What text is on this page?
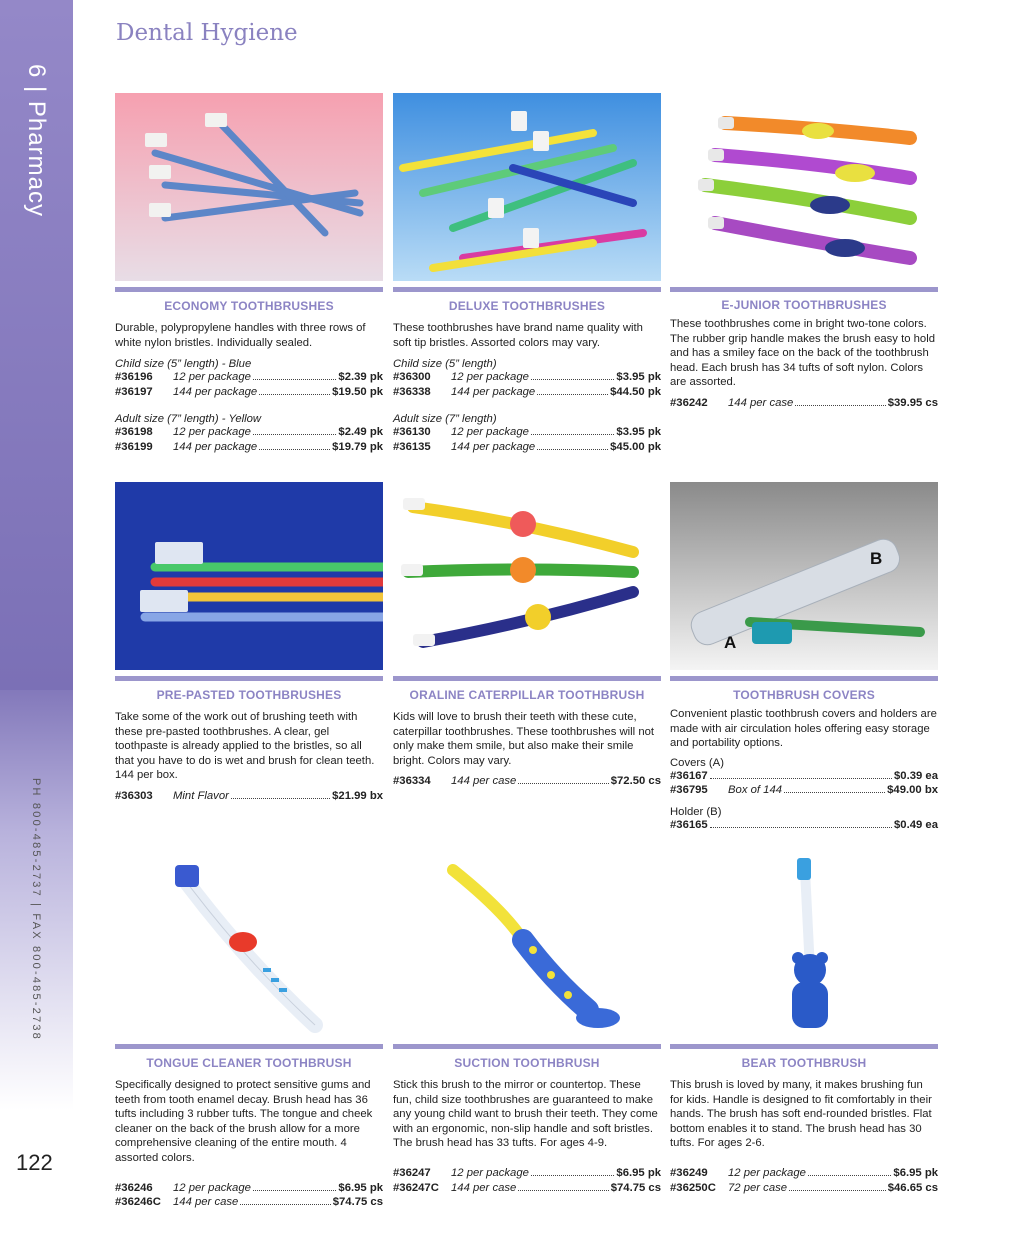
6 | Pharmacy
PH 800-485-2737 | FAX 800-485-2738
122
Dental Hygiene
ECONOMY TOOTHBRUSHES
Durable, polypropylene handles with three rows of white nylon bristles. Individually sealed.
Child size (5” length) - Blue
#36196	12 per package	$2.39 pk
#36197	144 per package	$19.50 pk
Adult size (7” length) - Yellow
#36198	12 per package	$2.49 pk
#36199	144 per package	$19.79 pk
DELUXE TOOTHBRUSHES
These toothbrushes have brand name quality with soft tip bristles. Assorted colors may vary.
Child size (5” length)
#36300	12 per package	$3.95 pk
#36338	144 per package	$44.50 pk
Adult size (7” length)
#36130	12 per package	$3.95 pk
#36135	144 per package	$45.00 pk
E-JUNIOR TOOTHBRUSHES
These toothbrushes come in bright two-tone colors. The rubber grip handle makes the brush easy to hold and has a smiley face on the back of the toothbrush head. Each brush has 34 tufts of soft nylon. Colors are assorted.
#36242	144 per case	$39.95 cs
PRE-PASTED TOOTHBRUSHES
Take some of the work out of brushing teeth with these pre-pasted toothbrushes. A clear, gel toothpaste is already applied to the bristles, so all that you have to do is wet and brush for clean teeth. 144 per box.
#36303	Mint Flavor	$21.99 bx
ORALINE CATERPILLAR TOOTHBRUSH
Kids will love to brush their teeth with these cute, caterpillar toothbrushes. These toothbrushes will not only make them smile, but also make their smile bright. Colors may vary.
#36334	144 per case	$72.50 cs
B
A
TOOTHBRUSH COVERS
Convenient plastic toothbrush covers and holders are made with air circulation holes offering easy storage and portability options.
Covers (A)
#36167	$0.39 ea
#36795	Box of 144	$49.00 bx
Holder (B)
#36165	$0.49 ea
TONGUE CLEANER TOOTHBRUSH
Specifically designed to protect sensitive gums and teeth from tooth enamel decay. Brush head has 36 tufts including 3 rubber tufts. The tongue and cheek cleaner on the back of the brush allow for a more comprehensive cleaning of the entire mouth. 4 assorted colors.
#36246	12 per package	$6.95 pk
#36246C	144 per case	$74.75 cs
SUCTION TOOTHBRUSH
Stick this brush to the mirror or countertop. These fun, child size toothbrushes are guaranteed to make any young child want to brush their teeth. They come with an ergonomic, non-slip handle and soft bristles. The brush head has 33 tufts. For ages 4-9.
#36247	12 per package	$6.95 pk
#36247C	144 per case	$74.75 cs
BEAR TOOTHBRUSH
This brush is loved by many, it makes brushing fun for kids. Handle is designed to fit comfortably in their hands. The brush has soft end-rounded bristles. Flat bottom enables it to stand. The brush head has 30 tufts. For ages 2-6.
#36249	12 per package	$6.95 pk
#36250C	72 per case	$46.65 cs
